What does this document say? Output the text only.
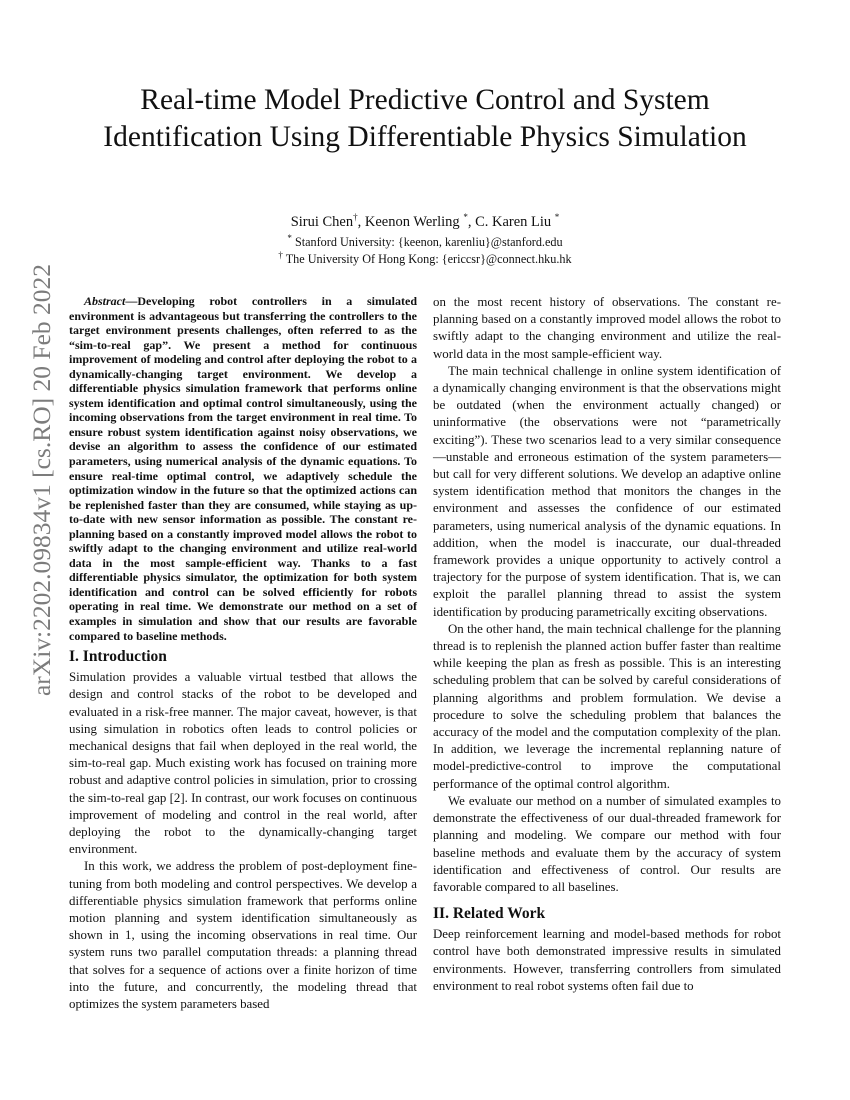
Real-time Model Predictive Control and System Identification Using Differentiable Physics Simulation
Sirui Chen†, Keenon Werling *, C. Karen Liu *
* Stanford University: {keenon, karenliu}@stanford.edu
† The University Of Hong Kong: {ericcsr}@connect.hku.hk
arXiv:2202.09834v1 [cs.RO] 20 Feb 2022	Abstract—Developing robot controllers in a simulated environment is advantageous but transferring the controllers to the target environment presents challenges, often referred to as the “sim-to-real gap”. We present a method for continuous improvement of modeling and control after deploying the robot to a dynamically-changing target environment. We develop a differentiable physics simulation framework that performs online system identification and optimal control simultaneously, using the incoming observations from the target environment in real time. To ensure robust system identification against noisy observations, we devise an algorithm to assess the confidence of our estimated parameters, using numerical analysis of the dynamic equations. To ensure real-time optimal control, we adaptively schedule the optimization window in the future so that the optimized actions can be replenished faster than they are consumed, while staying as up-to-date with new sensor information as possible. The constant re-planning based on a constantly improved model allows the robot to swiftly adapt to the changing environment and utilize real-world data in the most sample-efficient way. Thanks to a fast differentiable physics simulator, the optimization for both system identification and control can be solved efficiently for robots operating in real time. We demonstrate our method on a set of examples in simulation and show that our results are favorable compared to baseline methods.

I. Introduction

Simulation provides a valuable virtual testbed that allows the design and control stacks of the robot to be developed and evaluated in a risk-free manner. The major caveat, however, is that using simulation in robotics often leads to control policies or mechanical designs that fail when deployed in the real world, the sim-to-real gap. Much existing work has focused on training more robust and adaptive control policies in simulation, prior to crossing the sim-to-real gap [2]. In contrast, our work focuses on continuous improvement of modeling and control in the real world, after deploying the robot to the dynamically-changing target environment.

In this work, we address the problem of post-deployment fine-tuning from both modeling and control perspectives. We develop a differentiable physics simulation framework that performs online motion planning and system identification simultaneously as shown in 1, using the incoming observations in real time. Our system runs two parallel computation threads: a planning thread that solves for a sequence of actions over a finite horizon of time into the future, and concurrently, the modeling thread that optimizes the system parameters based

on the most recent history of observations. The constant re-planning based on a constantly improved model allows the robot to swiftly adapt to the changing environment and utilize the real-world data in the most sample-efficient way.

The main technical challenge in online system identification of a dynamically changing environment is that the observations might be outdated (when the environment actually changed) or uninformative (the observations were not “parametrically exciting”). These two scenarios lead to a very similar consequence—unstable and erroneous estimation of the system parameters—but call for very different solutions. We develop an adaptive online system identification method that monitors the changes in the environment and assesses the confidence of our estimated parameters, using numerical analysis of the dynamic equations. In addition, when the model is inaccurate, our dual-threaded framework provides a unique opportunity to actively control a trajectory for the purpose of system identification. That is, we can exploit the parallel planning thread to assist the system identification by producing parametrically exciting observations.

On the other hand, the main technical challenge for the planning thread is to replenish the planned action buffer faster than realtime while keeping the plan as fresh as possible. This is an interesting scheduling problem that can be solved by careful considerations of planning algorithms and problem formulation. We devise a procedure to solve the scheduling problem that balances the accuracy of the model and the computation complexity of the plan. In addition, we leverage the incremental replanning nature of model-predictive-control to improve the computational performance of the optimal control algorithm.

We evaluate our method on a number of simulated examples to demonstrate the effectiveness of our dual-threaded framework for planning and modeling. We compare our method with four baseline methods and evaluate them by the accuracy of system identification and effectiveness of control. Our results are favorable compared to all baselines.

II. Related Work

Deep reinforcement learning and model-based methods for robot control have both demonstrated impressive results in simulated environments. However, transferring controllers from simulated environment to real robot systems often fail due to
